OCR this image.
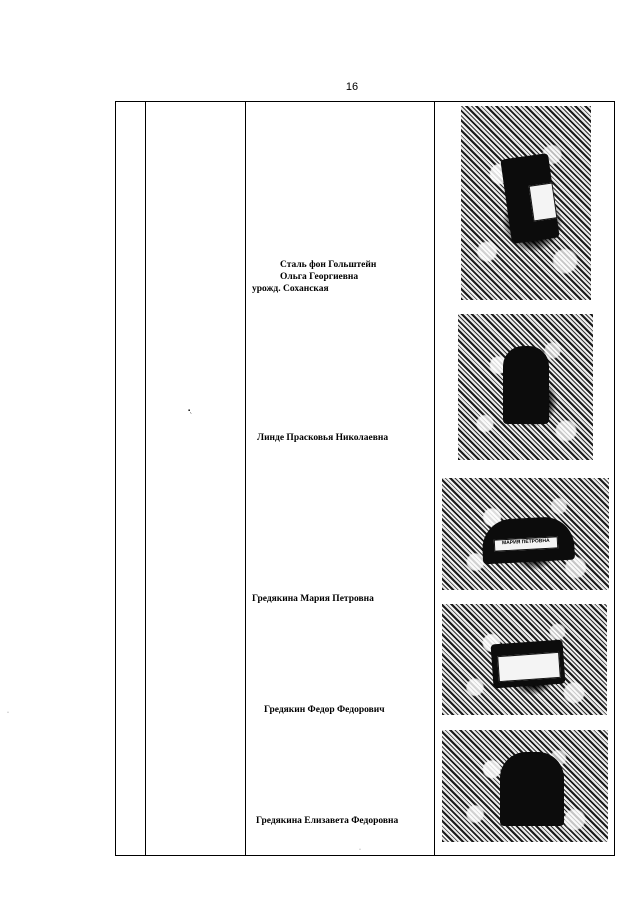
16
▪˛
Сталь фон Гольштейн
Ольга Георгиевна
урожд. Соханская
Линде Прасковья Николаевна
Гредякина Мария Петровна
МАРИЯ ПЕТРОВНА
Гредякин Федор Федорович
Гредякина Елизавета Федоровна
·
·
